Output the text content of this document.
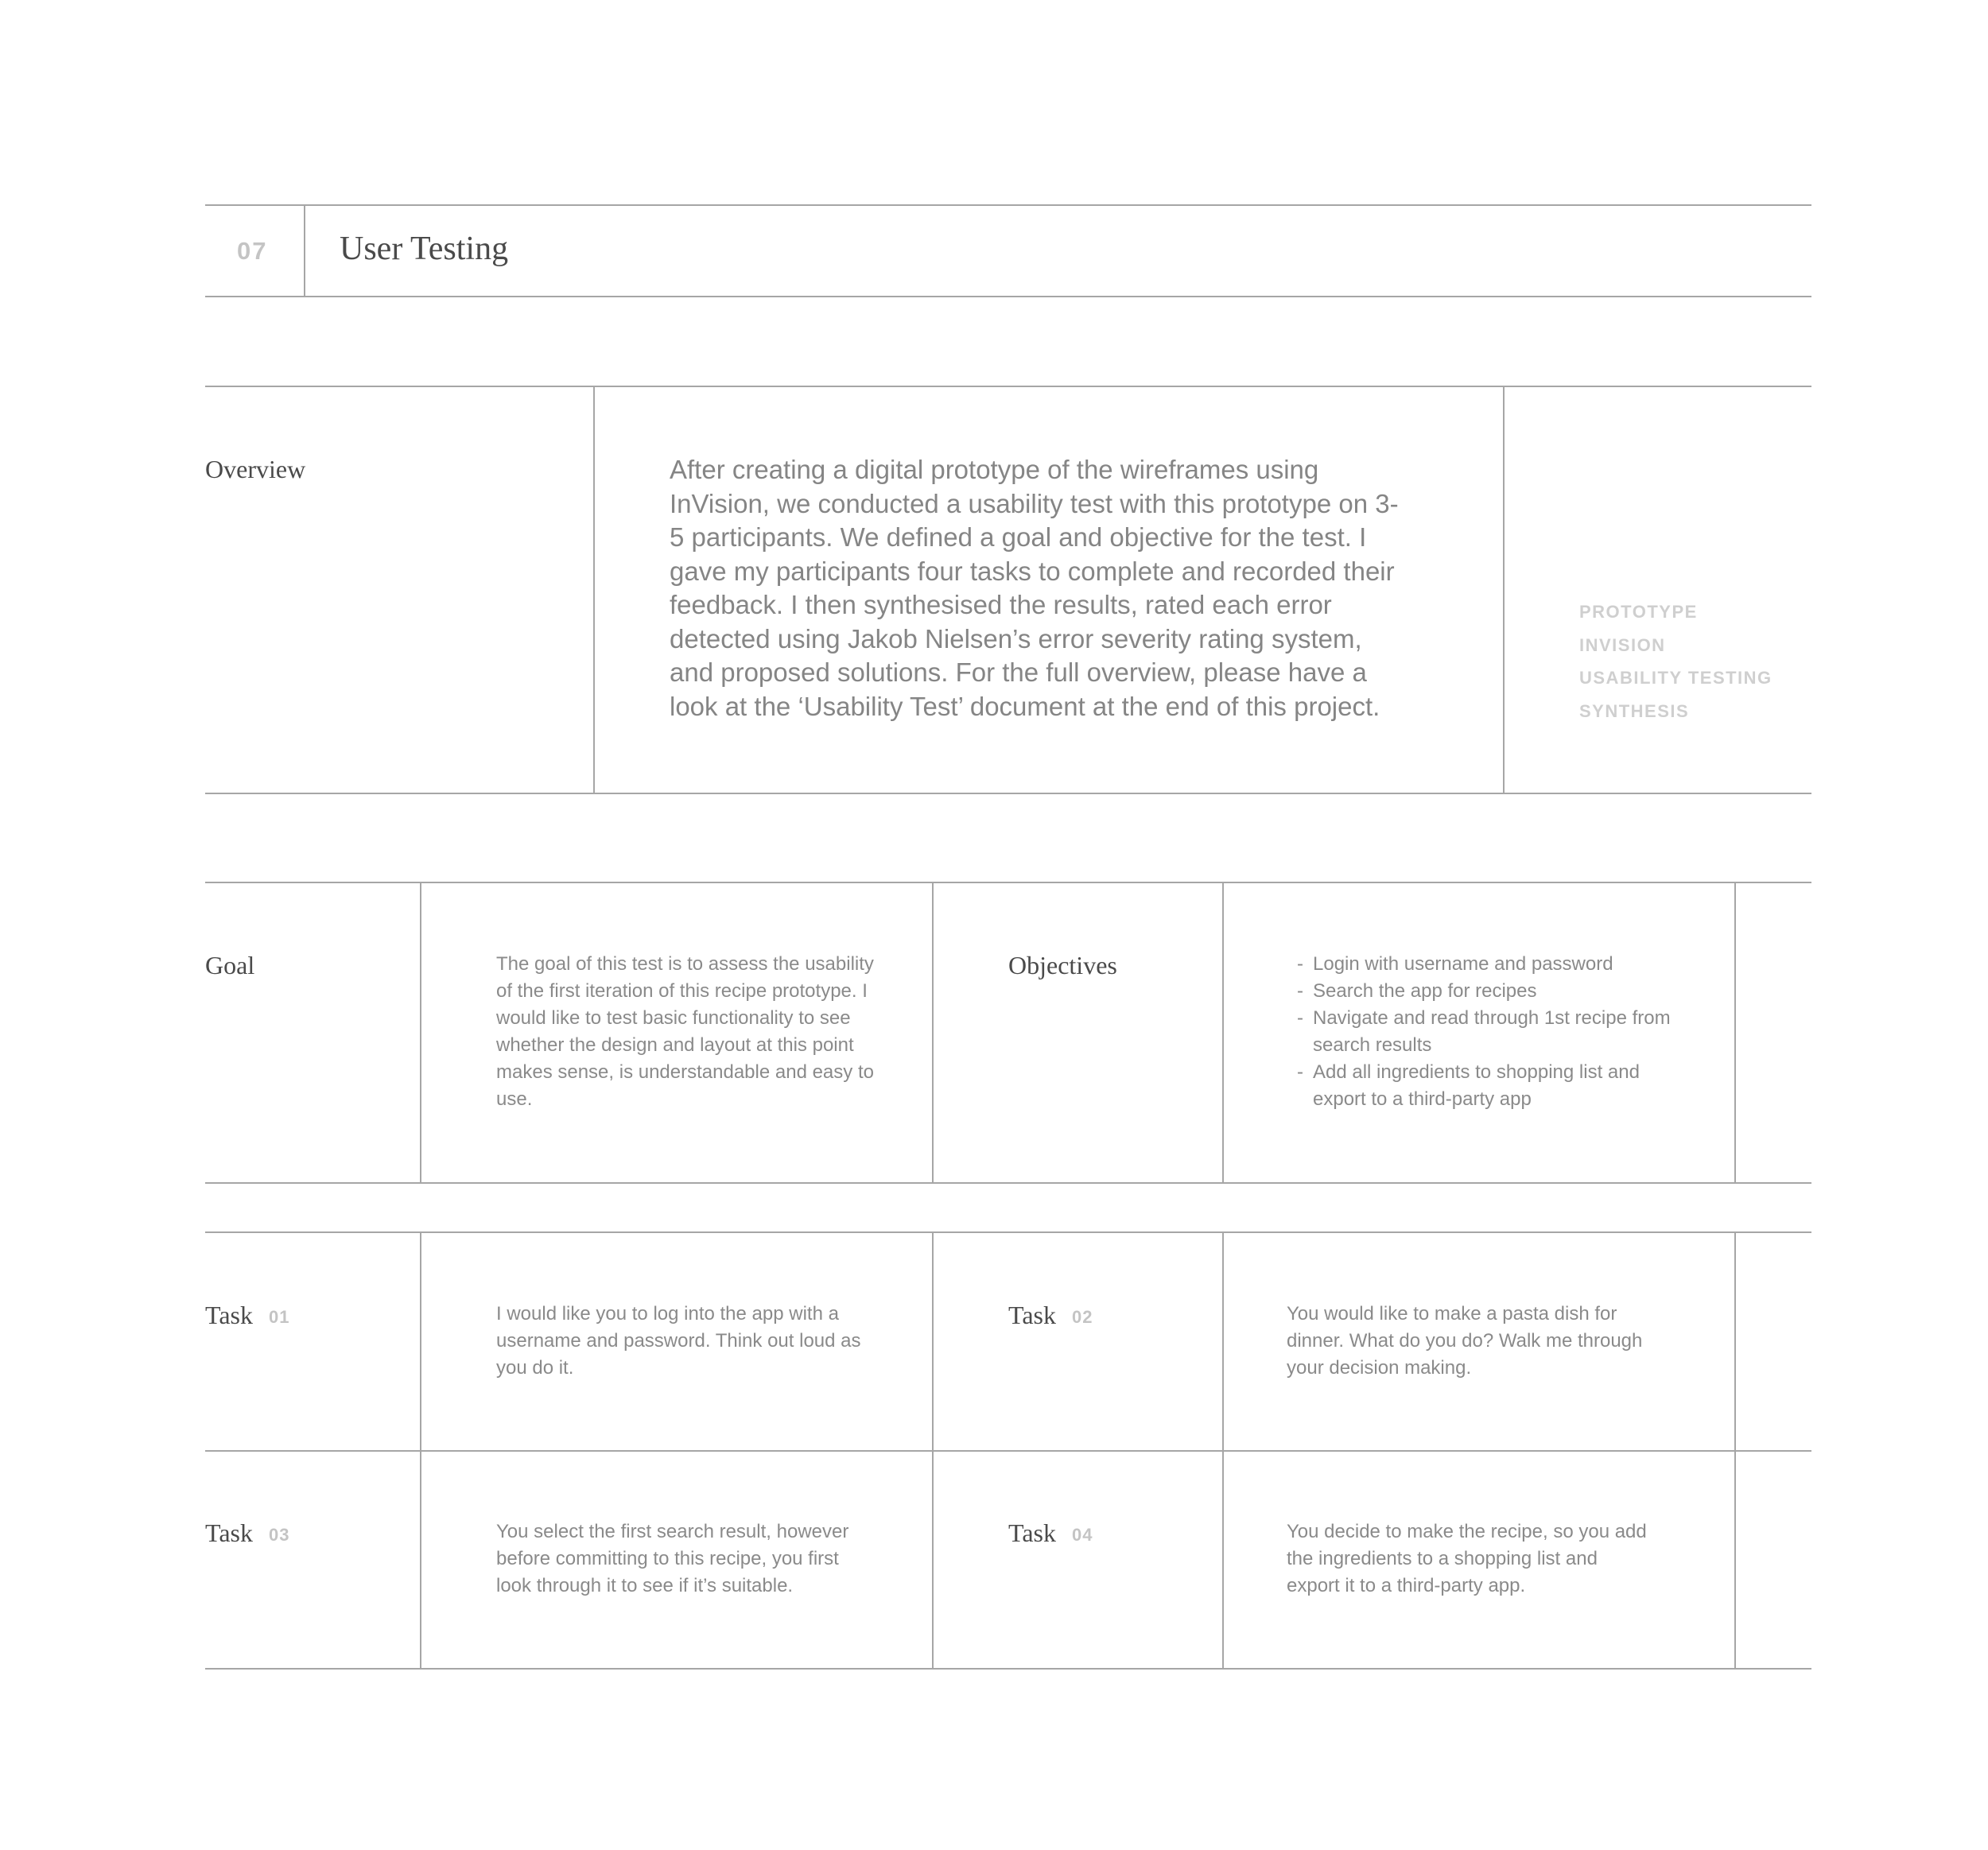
07 User Testing
Overview	After creating a digital prototype of the wireframes using InVision, we conducted a usability test with this prototype on 3-5 participants. We defined a goal and objective for the test. I gave my participants four tasks to complete and recorded their feedback. I then synthesised the results, rated each error detected using Jakob Nielsen’s error severity rating system, and proposed solutions. For the full overview, please have a look at the ‘Usability Test’ document at the end of this project.
PROTOTYPE
INVISION
USABILITY TESTING
SYNTHESIS
Goal	The goal of this test is to assess the usability of the first iteration of this recipe prototype. I would like to test basic functionality to see whether the design and layout at this point makes sense, is understandable and easy to use.
Objectives	- Login with username and password
- Search the app for recipes
- Navigate and read through 1st recipe from search results
- Add all ingredients to shopping list and export to a third-party app
Task 01	I would like you to log into the app with a username and password. Think out loud as you do it.
Task 02	You would like to make a pasta dish for dinner. What do you do? Walk me through your decision making.
Task 03	You select the first search result, however before committing to this recipe, you first look through it to see if it’s suitable.
Task 04	You decide to make the recipe, so you add the ingredients to a shopping list and export it to a third-party app.
